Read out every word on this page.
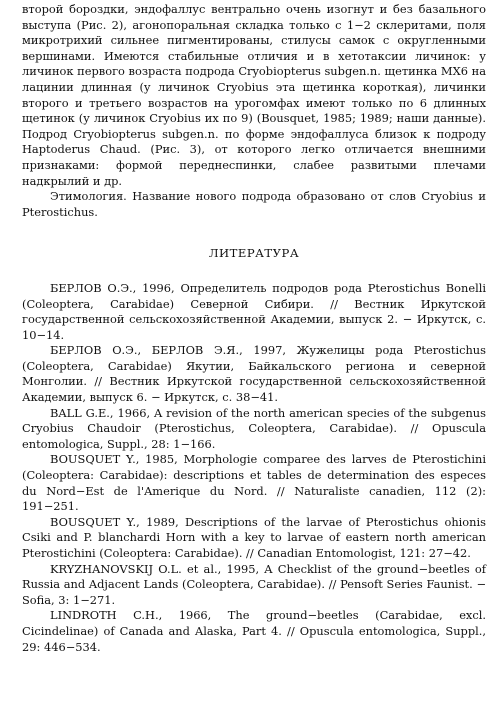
второй бороздки, эндофаллус вентрально очень изогнут и без базального выступа (Рис. 2), агонопоральная складка только с 1−2 склеритами, поля микротрихий сильнее пигментированы, стилусы самок с округленными вершинами. Имеются стабильные отличия и в хетотаксии личинок: у личинок первого возраста подрода Cryobiopterus subgen.n. щетинка MX6 на лацинии длинная (у личинок Cryobius эта щетинка короткая), личинки второго и третьего возрастов на урогомфах имеют только по 6 длинных щетинок (у личинок Cryobius их по 9) (Bousquet, 1985; 1989; наши данные). Подрод Cryobiopterus subgen.n. по форме эндофаллуса близок к подроду Haptoderus Chaud. (Рис. 3), от которого легко отличается внешними признаками: формой переднеспинки, слабее развитыми плечами надкрылий и др.

Этимология. Название нового подрода образовано от слов Cryobius и Pterostichus.

ЛИТЕРАТУРА
БЕРЛОВ О.Э., 1996, Определитель подродов рода Pterostichus Bonelli (Coleoptera, Carabidae) Северной Сибири. // Вестник Иркутской государственной сельскохозяйственной Академии, выпуск 2. − Иркутск, с. 10−14.
БЕРЛОВ О.Э., БЕРЛОВ Э.Я., 1997, Жужелицы рода Pterostichus (Coleoptera, Carabidae) Якутии, Байкальского региона и северной Монголии. // Вестник Иркутской государственной сельскохозяйственной Академии, выпуск 6. − Иркутск, с. 38−41.
BALL G.E., 1966, A revision of the north american species of the subgenus Cryobius Chaudoir (Pterostichus, Coleoptera, Carabidae). // Opuscula entomologica, Suppl., 28: 1−166.
BOUSQUET Y., 1985, Morphologie comparee des larves de Pterostichini (Coleoptera: Carabidae): descriptions et tables de determination des especes du Nord−Est de l'Amerique du Nord. // Naturaliste canadien, 112 (2): 191−251.
BOUSQUET Y., 1989, Descriptions of the larvae of Pterostichus ohionis Csiki and P. blanchardi Horn with a key to larvae of eastern north american Pterostichini (Coleoptera: Carabidae). // Canadian Entomologist, 121: 27−42.
KRYZHANOVSKIJ O.L. et al., 1995, A Checklist of the ground−beetles of Russia and Adjacent Lands (Coleoptera, Carabidae). // Pensoft Series Faunist. − Sofia, 3: 1−271.
LINDROTH C.H., 1966, The ground−beetles (Carabidae, excl. Cicindelinae) of Canada and Alaska, Part 4. // Opuscula entomologica, Suppl., 29: 446−534.
